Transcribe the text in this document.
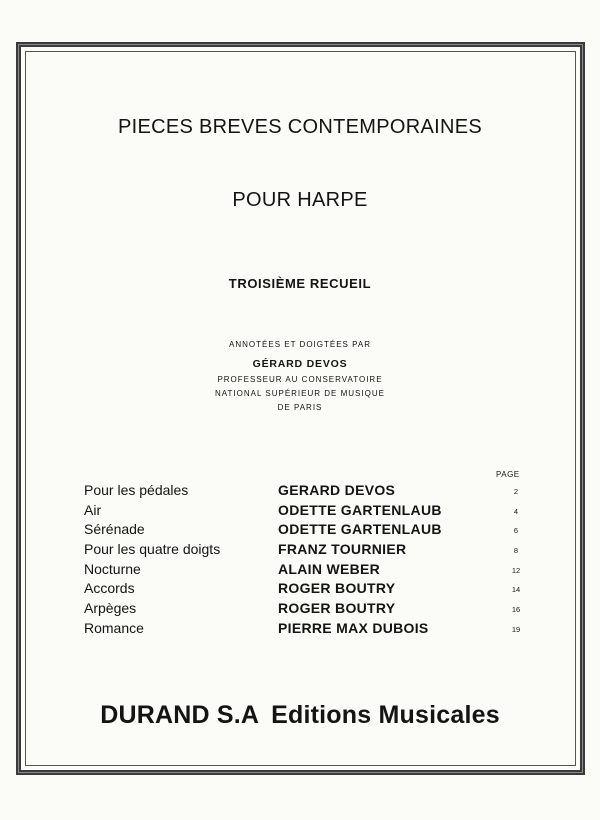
PIECES BREVES CONTEMPORAINES
POUR HARPE
TROISIÈME RECUEIL
ANNOTÉES ET DOIGTÉES PAR
GÉRARD DEVOS
PROFESSEUR AU CONSERVATOIRE
NATIONAL SUPÉRIEUR DE MUSIQUE
DE PARIS
PAGE
Pour les pédales	GERARD DEVOS	2
Air	ODETTE GARTENLAUB	4
Sérénade	ODETTE GARTENLAUB	6
Pour les quatre doigts	FRANZ TOURNIER	8
Nocturne	ALAIN WEBER	12
Accords	ROGER BOUTRY	14
Arpèges	ROGER BOUTRY	16
Romance	PIERRE MAX DUBOIS	19
DURAND S.A Editions Musicales
